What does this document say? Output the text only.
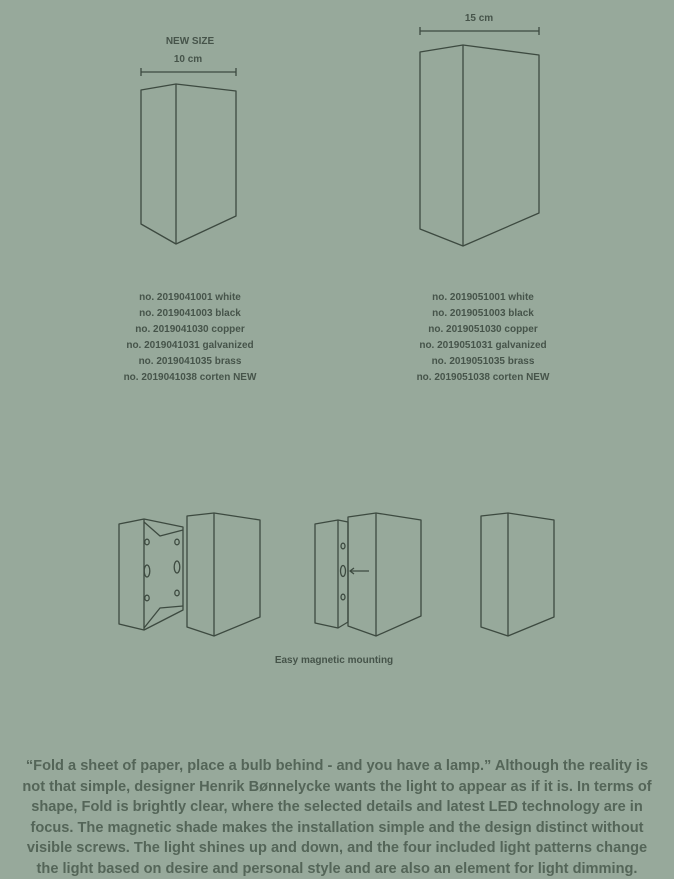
NEW SIZE
10 cm
15 cm
no. 2019041001 white
no. 2019041003 black
no. 2019041030 copper
no. 2019041031 galvanized
no. 2019041035 brass
no. 2019041038 corten NEW
no. 2019051001 white
no. 2019051003 black
no. 2019051030 copper
no. 2019051031 galvanized
no. 2019051035 brass
no. 2019051038 corten NEW
Easy magnetic mounting
“Fold a sheet of paper, place a bulb behind - and you have a lamp.” Although the reality is not that simple, designer Henrik Bønnelycke wants the light to appear as if it is. In terms of shape, Fold is brightly clear, where the selected details and latest LED technology are in focus. The magnetic shade makes the installation simple and the design distinct without visible screws. The light shines up and down, and the four included light patterns change the light based on desire and personal style and are also an element for light dimming.
